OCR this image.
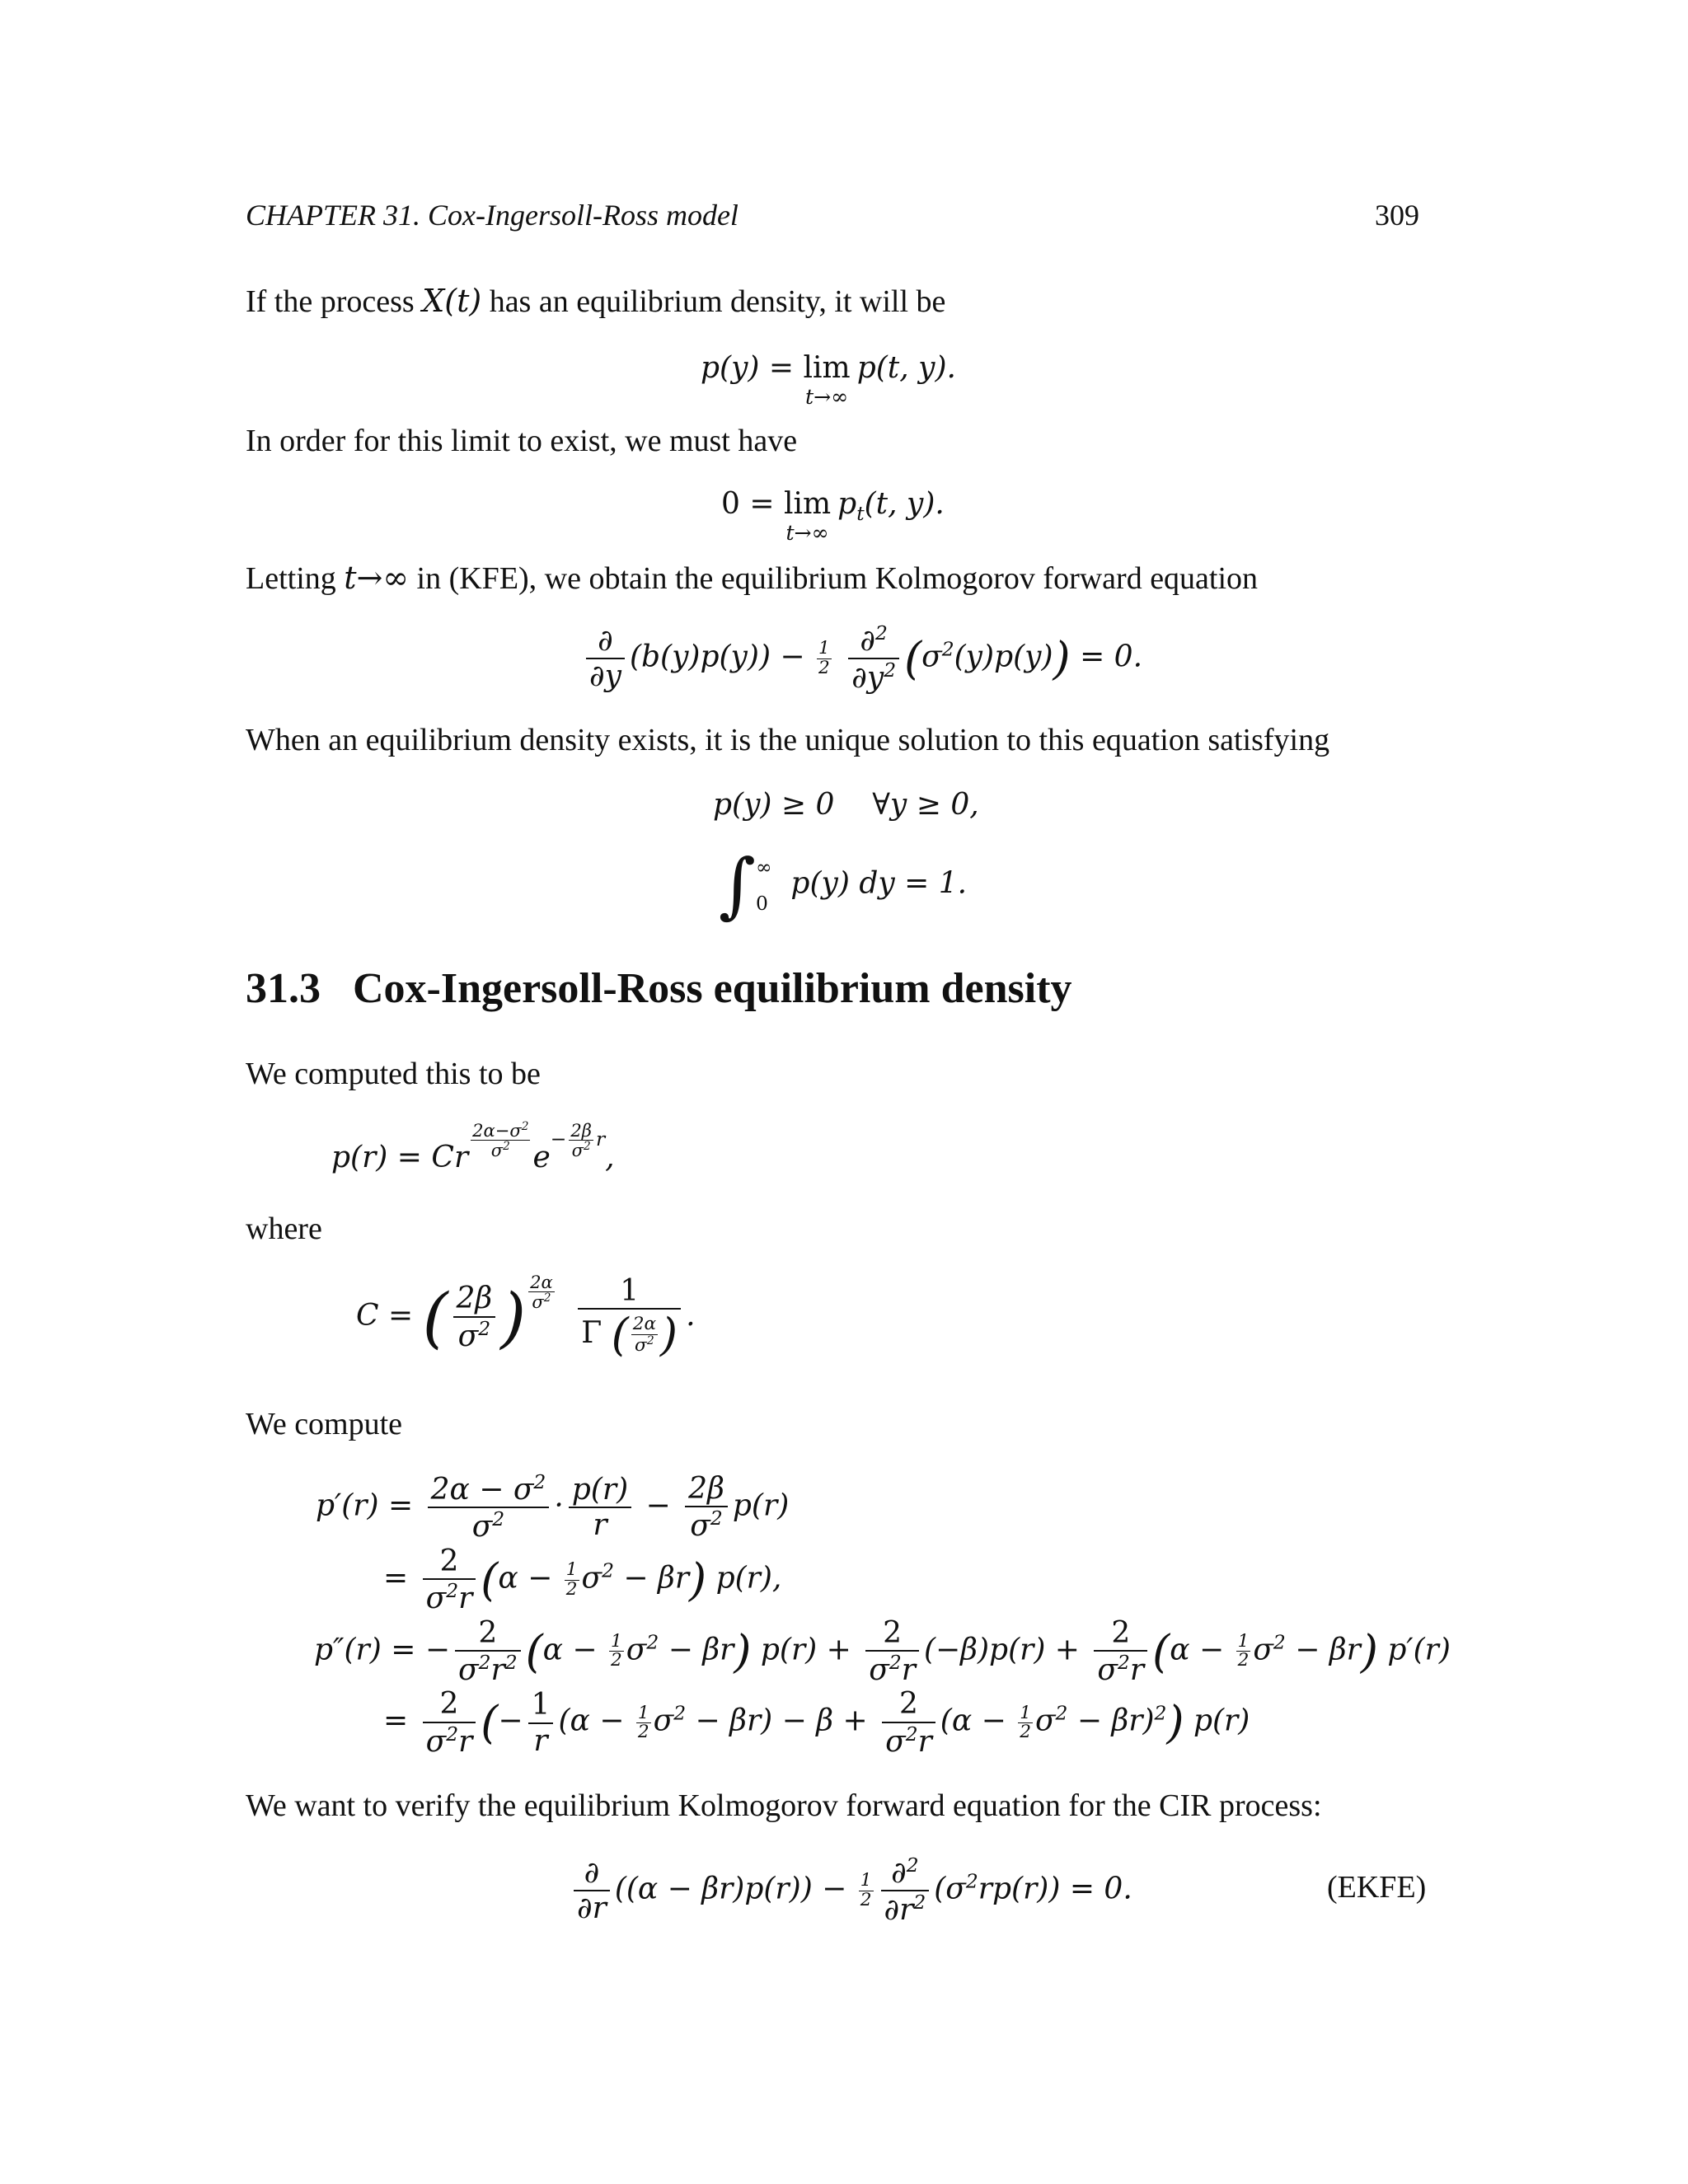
CHAPTER 31. Cox-Ingersoll-Ross model	309
If the process X(t) has an equilibrium density, it will be
p(y) = lim
t→∞
p(t, y).
In order for this limit to exist, we must have
0 = lim
t→∞
$p_t(t$, y).
Letting t→∞ in (KFE), we obtain the equilibrium Kolmogorov forward equation
$\frac{\partial}{\partial y} (b(y)p(y)) - \frac{1}{2}$
$\frac{\partial^2}{\partial y^2} (\sigma^2(y)p(y)) = 0$.
When an equilibrium density exists, it is the unique solution to this equation satisfying
p(y) ≥ 0    ∀y ≥ 0,
∫ ∞
0
p(y) dy = 1.
31.3 Cox-Ingersoll-Ross equilibrium density
We computed this to be
p(r) = Cr $^{\frac{2\alpha-\sigma^2}{\sigma^2}}$ $e^{- \frac{2\beta}{\sigma^2} r}$,
where
C = ( $\frac{2\beta}{\sigma^2}$ ) $^{\frac{2\alpha}{\sigma^2}}$
$\frac{1}{\Gamma ( \frac{2\alpha}{\sigma^2} )}$ .
We compute
$p'(r) = \frac{2\alpha - \sigma^2}{\sigma^2} \cdot \frac{p(r)}{r} - \frac{2\beta}{\sigma^2} p(r)$
= $\frac{2}{\sigma^2r} (\alpha - \frac{1}{2} \sigma^2 - \beta r)$ p(r),
p″(r) = − $\frac{2}{\sigma^2r^2} (\alpha - \frac{1}{2} \sigma^2 - \beta r) p(r) + \frac{2}{\sigma^2r} (-\beta)p(r) + \frac{2}{\sigma^2r} (\alpha - \frac{1}{2} \sigma^2 - \beta r)$ p′(r)
= $\frac{2}{\sigma^2r}$ (− $\frac{1}{r} (\alpha - \frac{1}{2} \sigma^2 - \beta r) - \beta + \frac{2}{\sigma^2r} (\alpha - \frac{1}{2} \sigma^2 - \beta r)^2$) p(r)
We want to verify the equilibrium Kolmogorov forward equation for the CIR process:
$\frac{\partial}{\partial r} ((\alpha - \beta r)p(r)) - \frac{1}{2} \frac{\partial^2}{\partial r^2} (\sigma^2rp(r)) = 0$.	(EKFE)
